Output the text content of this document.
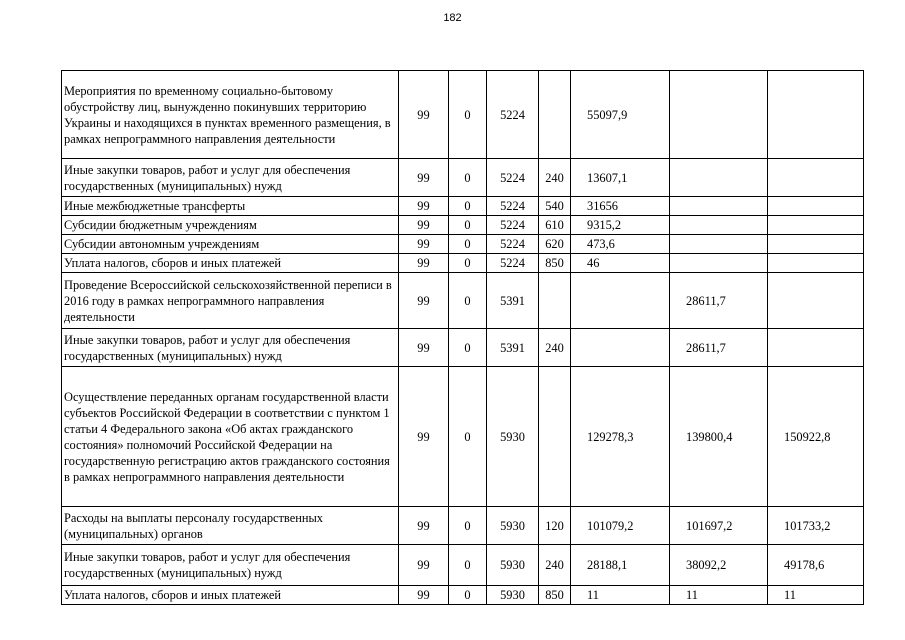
182
Мероприятия по временному социально-бытовому обустройству лиц, вынужденно покинувших территорию Украины и находящихся в пунктах временного размещения, в рамках непрограммного направления деятельности	99	0	5224		55097,9		
Иные закупки товаров, работ и услуг для обеспечения государственных (муниципальных) нужд	99	0	5224	240	13607,1		
Иные межбюджетные трансферты	99	0	5224	540	31656		
Субсидии бюджетным учреждениям	99	0	5224	610	9315,2		
Субсидии автономным учреждениям	99	0	5224	620	473,6		
Уплата налогов, сборов и иных платежей	99	0	5224	850	46		
Проведение Всероссийской сельскохозяйственной переписи в 2016 году в рамках непрограммного направления деятельности	99	0	5391			28611,7	
Иные закупки товаров, работ и услуг для обеспечения государственных (муниципальных) нужд	99	0	5391	240		28611,7	
Осуществление переданных органам государственной власти субъектов Российской Федерации в соответствии с пунктом 1 статьи 4 Федерального закона «Об актах гражданского состояния» полномочий Российской Федерации на государственную регистрацию актов гражданского состояния в рамках непрограммного направления деятельности	99	0	5930		129278,3	139800,4	150922,8
Расходы на выплаты персоналу государственных (муниципальных) органов	99	0	5930	120	101079,2	101697,2	101733,2
Иные закупки товаров, работ и услуг для обеспечения государственных (муниципальных) нужд	99	0	5930	240	28188,1	38092,2	49178,6
Уплата налогов, сборов и иных платежей	99	0	5930	850	11	11	11
